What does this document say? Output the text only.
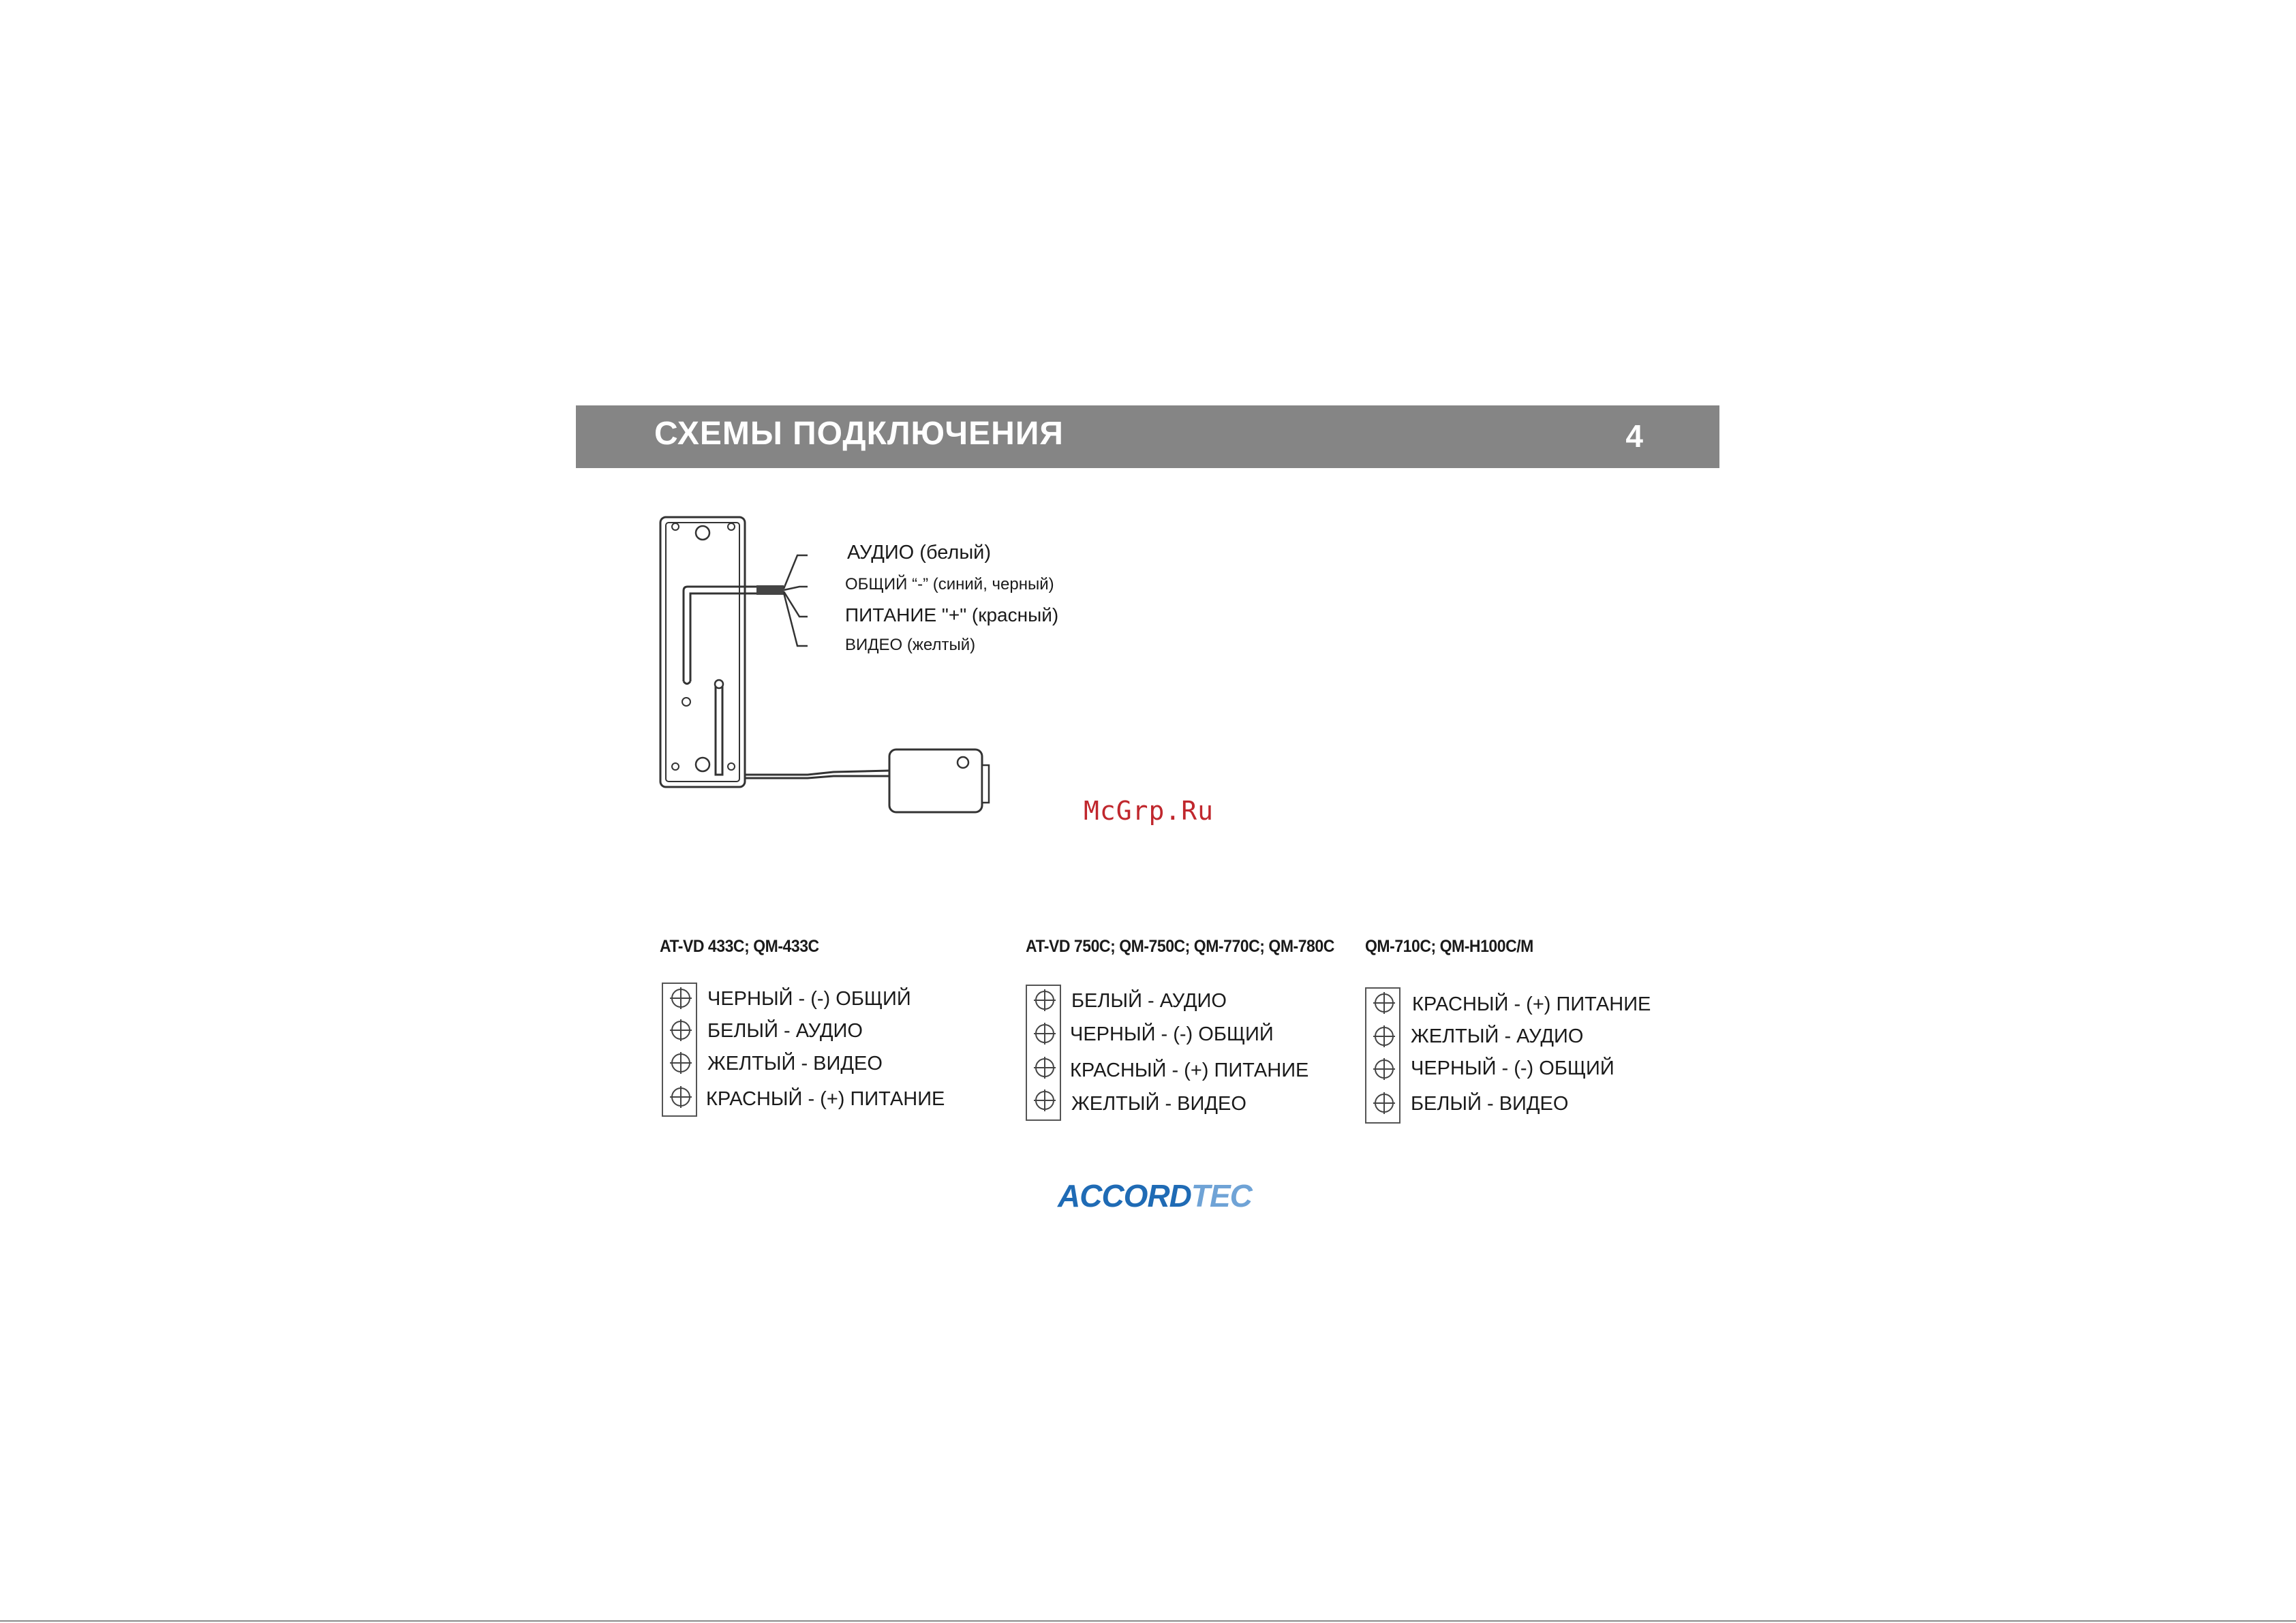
СХЕМЫ ПОДКЛЮЧЕНИЯ	4
АУДИО (белый)
ОБЩИЙ “-” (синий, черный)
ПИТАНИЕ "+" (красный)
ВИДЕО (желтый)
McGrp.Ru
AT-VD 433C; QM-433C
ЧЕРНЫЙ - (-) ОБЩИЙ
БЕЛЫЙ - АУДИО
ЖЕЛТЫЙ - ВИДЕО
КРАСНЫЙ - (+) ПИТАНИЕ
AT-VD 750C; QM-750C; QM-770C; QM-780C
БЕЛЫЙ - АУДИО
ЧЕРНЫЙ - (-) ОБЩИЙ
КРАСНЫЙ - (+) ПИТАНИЕ
ЖЕЛТЫЙ - ВИДЕО
QM-710C; QM-H100C/M
КРАСНЫЙ - (+) ПИТАНИЕ
ЖЕЛТЫЙ - АУДИО
ЧЕРНЫЙ - (-) ОБЩИЙ
БЕЛЫЙ - ВИДЕО
ACCORDTEC
